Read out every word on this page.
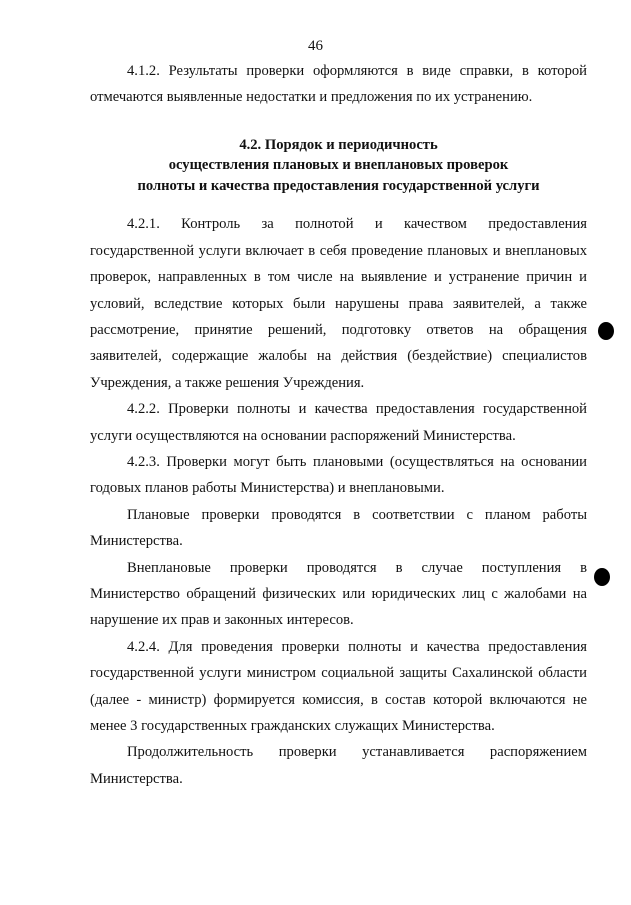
46

4.1.2. Результаты проверки оформляются в виде справки, в которой отмечаются выявленные недостатки и предложения по их устранению.

4.2. Порядок и периодичность

осуществления плановых и внеплановых проверок

полноты и качества предоставления государственной услуги

4.2.1. Контроль за полнотой и качеством предоставления государственной услуги включает в себя проведение плановых и внеплановых проверок, направленных в том числе на выявление и устранение причин и условий, вследствие которых были нарушены права заявителей, а также рассмотрение, принятие решений, подготовку ответов на обращения заявителей, содержащие жалобы на действия (бездействие) специалистов Учреждения, а также решения Учреждения.

4.2.2. Проверки полноты и качества предоставления государственной услуги осуществляются на основании распоряжений Министерства.

4.2.3. Проверки могут быть плановыми (осуществляться на основании годовых планов работы Министерства) и внеплановыми.

Плановые проверки проводятся в соответствии с планом работы Министерства.

Внеплановые проверки проводятся в случае поступления в Министерство обращений физических или юридических лиц с жалобами на нарушение их прав и законных интересов.

4.2.4. Для проведения проверки полноты и качества предоставления государственной услуги министром социальной защиты Сахалинской области (далее - министр) формируется комиссия, в состав которой включаются не менее 3 государственных гражданских служащих Министерства.

Продолжительность проверки устанавливается распоряжением Министерства.
